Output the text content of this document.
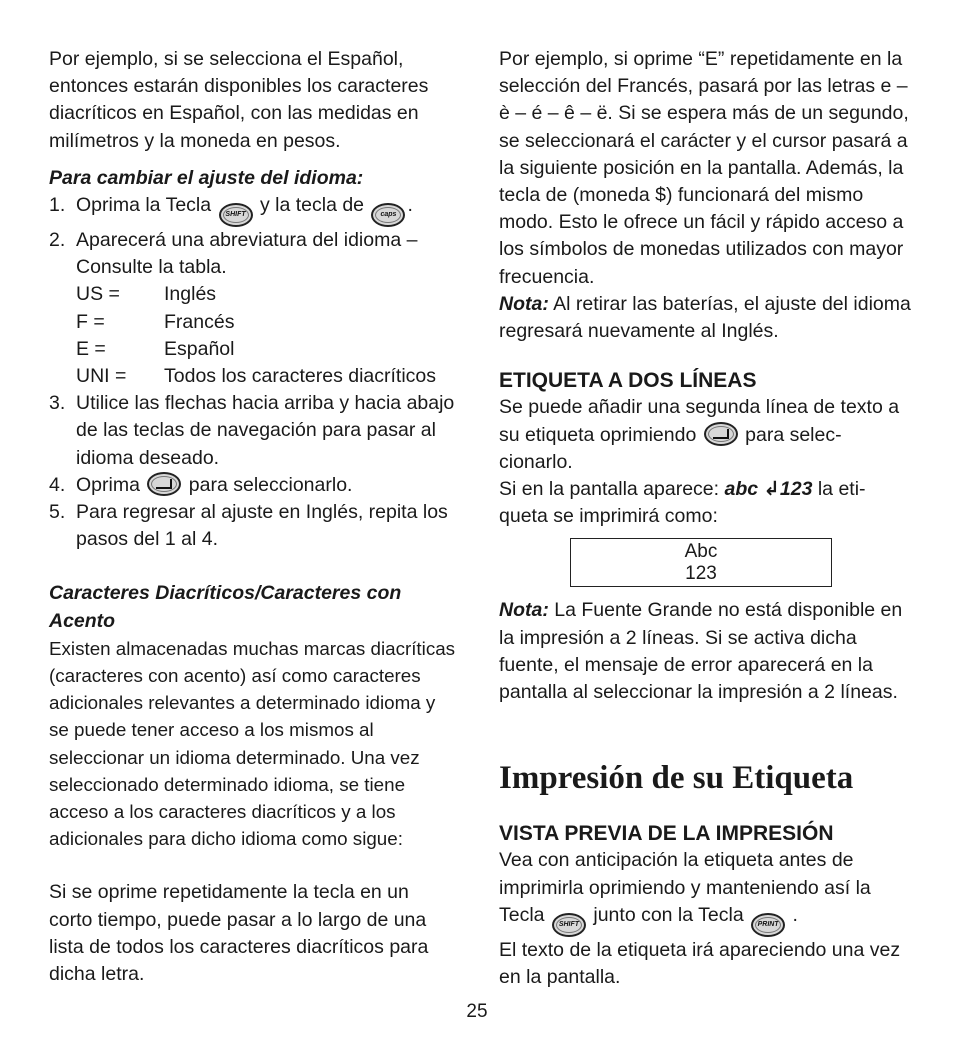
Por ejemplo, si se selecciona el Español, entonces estarán disponibles los caracteres diacríticos en Español, con las medidas en milímetros y la moneda en pesos.

Para cambiar el ajuste del idioma:

1. Oprima la Tecla SHIFT y la tecla de caps .
2. Aparecerá una abreviatura del idioma – Consulte la tabla.
US =	Inglés
F =	Francés
E =	Español
UNI =	Todos los caracteres diacríticos
3. Utilice las flechas hacia arriba y hacia abajo de las teclas de navegación para pasar al idioma deseado.
4. Oprima	para seleccionarlo.
5. Para regresar al ajuste en Inglés, repita los pasos del 1 al 4.

Caracteres Diacríticos/Caracteres con Acento

Existen almacenadas muchas marcas diacríticas (caracteres con acento) así como caracteres adicionales relevantes a determinado idioma y se puede tener acceso a los mismos al seleccionar un idioma determinado. Una vez seleccionado determinado idioma, se tiene acceso a los caracteres diacríticos y a los adicionales para dicho idioma como sigue:

Si se oprime repetidamente la tecla en un corto tiempo, puede pasar a lo largo de una lista de todos los caracteres diacríticos para dicha letra.

Por ejemplo, si oprime “E” repetidamente en la selección del Francés, pasará por las letras e – è – é – ê – ë. Si se espera más de un segundo, se seleccionará el carácter y el cursor pasará a la siguiente posición en la pantalla. Además, la tecla de (moneda $) funcionará del mismo modo. Esto le ofrece un fácil y rápido acceso a los símbolos de monedas utilizados con mayor frecuencia.

Nota: Al retirar las baterías, el ajuste del idioma regresará nuevamente al Inglés.

ETIQUETA A DOS LÍNEAS

Se puede añadir una segunda línea de texto a su etiqueta oprimiendo	para selec-cionarlo.

Si en la pantalla aparece: abc ↲123 la eti-queta se imprimirá como:

Abc
123

Nota: La Fuente Grande no está disponible en la impresión a 2 líneas. Si se activa dicha fuente, el mensaje de error aparecerá en la pantalla al seleccionar la impresión a 2 líneas.

Impresión de su Etiqueta

VISTA PREVIA DE LA IMPRESIÓN

Vea con anticipación la etiqueta antes de imprimirla oprimiendo y manteniendo así la Tecla SHIFT junto con la Tecla PRINT .

El texto de la etiqueta irá apareciendo una vez en la pantalla.

25
